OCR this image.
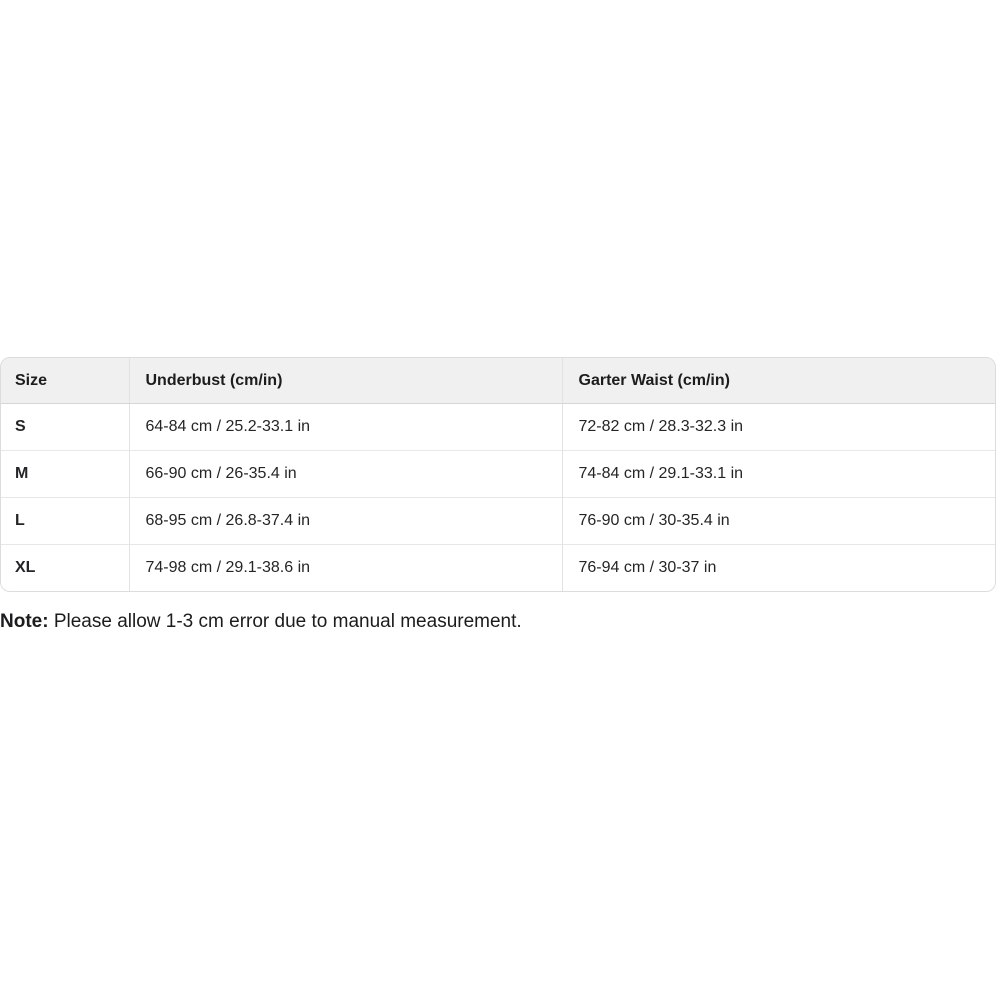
Size	Underbust (cm/in)	Garter Waist (cm/in)
S	64-84 cm / 25.2-33.1 in	72-82 cm / 28.3-32.3 in
M	66-90 cm / 26-35.4 in	74-84 cm / 29.1-33.1 in
L	68-95 cm / 26.8-37.4 in	76-90 cm / 30-35.4 in
XL	74-98 cm / 29.1-38.6 in	76-94 cm / 30-37 in

Note: Please allow 1-3 cm error due to manual measurement.
